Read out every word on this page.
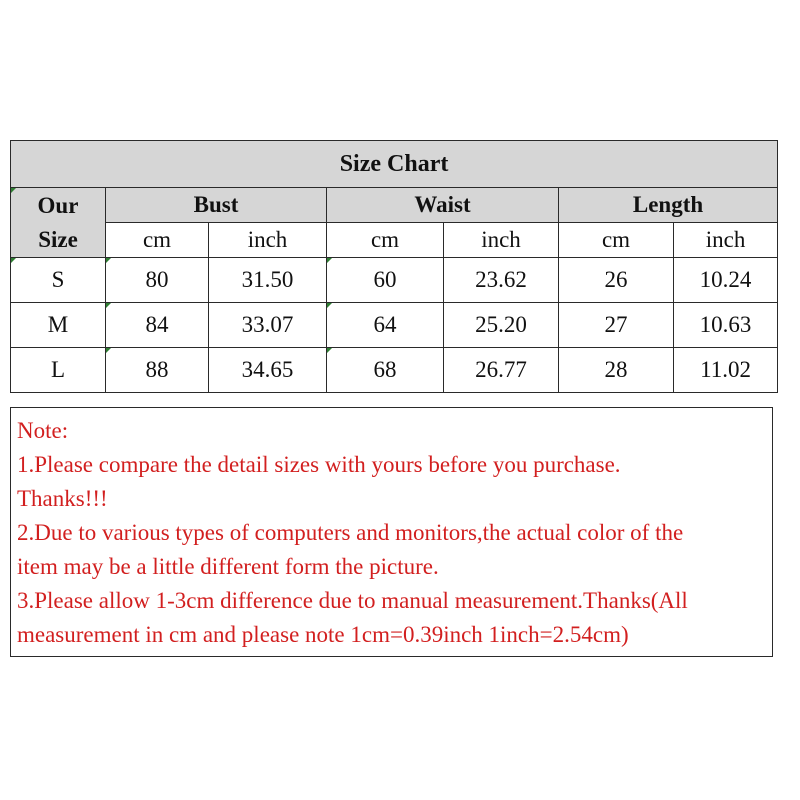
Size Chart						

Our
Size	Bust		Waist		Length	
	cm	inch	cm	inch	cm	inch

S	80	31.50	60	23.62	26	10.24
M	84	33.07	64	25.20	27	10.63
L	88	34.65	68	26.77	28	11.02

Note:

1.Please compare the detail sizes with yours before you purchase.

Thanks!!!

2.Due to various types of computers and monitors,the actual color of the

item may be a little different form the picture.

3.Please allow 1-3cm difference due to manual measurement.Thanks(All

measurement in cm and please note 1cm=0.39inch 1inch=2.54cm)
